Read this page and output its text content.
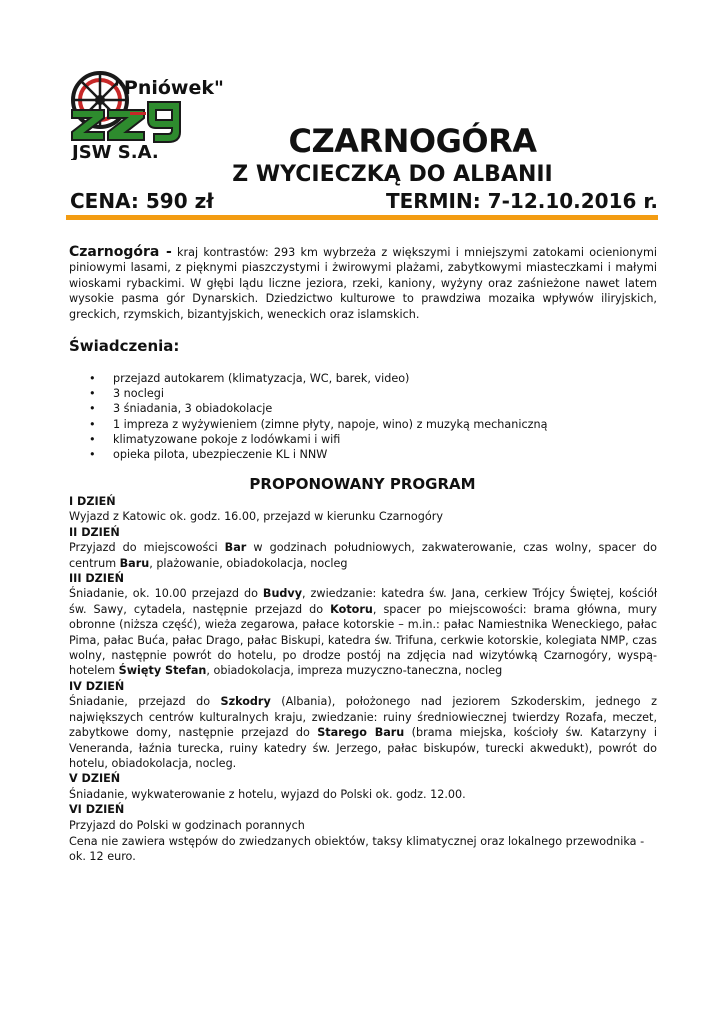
"Pniówek"
JSW S.A.	CZARNOGÓRA
Z WYCIECZKĄ DO ALBANII
CENA: 590 zł	TERMIN: 7-12.10.2016 r.
Czarnogóra - kraj kontrastów: 293 km wybrzeża z większymi i mniejszymi zatokami ocienionymi piniowymi lasami, z pięknymi piaszczystymi i żwirowymi plażami, zabytkowymi miasteczkami i małymi wioskami rybackimi. W głębi lądu liczne jeziora, rzeki, kaniony, wyżyny oraz zaśnieżone nawet latem wysokie pasma gór Dynarskich. Dziedzictwo kulturowe to prawdziwa mozaika wpływów iliryjskich, greckich, rzymskich, bizantyjskich, weneckich oraz islamskich.
Świadczenia:
• przejazd autokarem (klimatyzacja, WC, barek, video)
• 3 noclegi
• 3 śniadania, 3 obiadokolacje
• 1 impreza z wyżywieniem (zimne płyty, napoje, wino) z muzyką mechaniczną
• klimatyzowane pokoje z lodówkami i wifi
• opieka pilota, ubezpieczenie KL i NNW
PROPONOWANY PROGRAM

I DZIEŃ

Wyjazd z Katowic ok. godz. 16.00, przejazd w kierunku Czarnogóry

II DZIEŃ

Przyjazd do miejscowości Bar w godzinach południowych, zakwaterowanie, czas wolny, spacer do centrum Baru, plażowanie, obiadokolacja, nocleg

III DZIEŃ

Śniadanie, ok. 10.00 przejazd do Budvy, zwiedzanie: katedra św. Jana, cerkiew Trójcy Świętej, kościół św. Sawy, cytadela, następnie przejazd do Kotoru, spacer po miejscowości: brama główna, mury obronne (niższa część), wieża zegarowa, pałace kotorskie – m.in.: pałac Namiestnika Weneckiego, pałac Pima, pałac Buća, pałac Drago, pałac Biskupi, katedra św. Trifuna, cerkwie kotorskie, kolegiata NMP, czas wolny, następnie powrót do hotelu, po drodze postój na zdjęcia nad wizytówką Czarnogóry, wyspą-hotelem Święty Stefan, obiadokolacja, impreza muzyczno-taneczna, nocleg

IV DZIEŃ

Śniadanie, przejazd do Szkodry (Albania), położonego nad jeziorem Szkoderskim, jednego z największych centrów kulturalnych kraju, zwiedzanie: ruiny średniowiecznej twierdzy Rozafa, meczet, zabytkowe domy, następnie przejazd do Starego Baru (brama miejska, kościoły św. Katarzyny i Veneranda, łaźnia turecka, ruiny katedry św. Jerzego, pałac biskupów, turecki akwedukt), powrót do hotelu, obiadokolacja, nocleg.

V DZIEŃ

Śniadanie, wykwaterowanie z hotelu, wyjazd do Polski ok. godz. 12.00.

VI DZIEŃ

Przyjazd do Polski w godzinach porannych

Cena nie zawiera wstępów do zwiedzanych obiektów, taksy klimatycznej oraz lokalnego przewodnika - ok. 12 euro.
